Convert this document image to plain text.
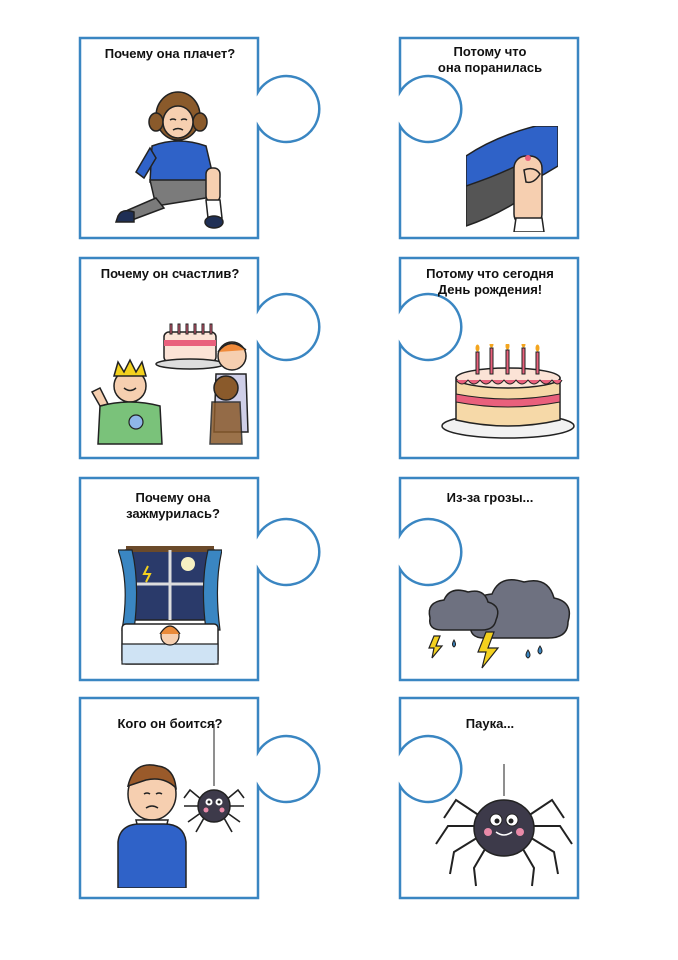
Почему она плачет?	Потому что
она поранилась
Почему он счастлив?	Потому что сегодня
День рождения!
Почему она
зажмурилась?
Из-за грозы...
Кого он боится?	Паука...
